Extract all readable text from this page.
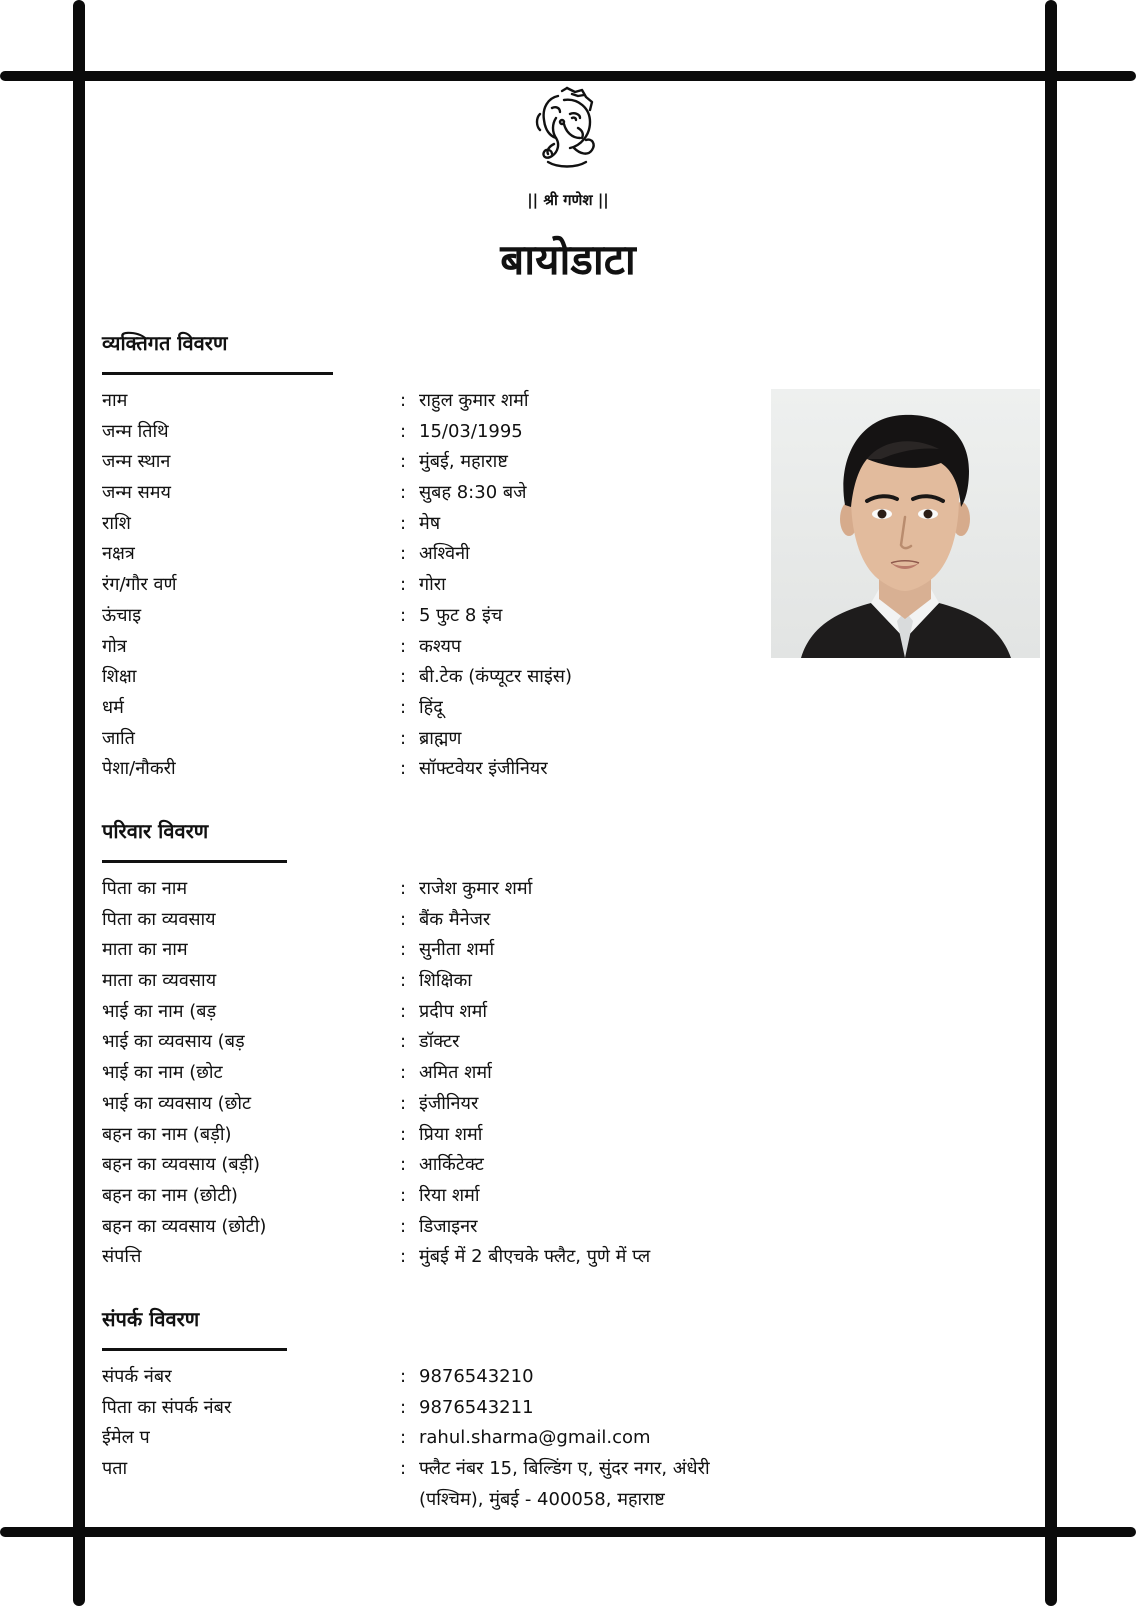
|| श्री गणेश ||
बायोडाटा
व्यक्तिगत विवरण
नाम	: राहुल कुमार शर्मा
जन्म तिथि	: 15/03/1995
जन्म स्थान	: मुंबई, महाराष्ट
जन्म समय	: सुबह 8:30 बजे
राशि	: मेष
नक्षत्र	: अश्विनी
रंग/गौर वर्ण	: गोरा
ऊंचाइ	: 5 फुट 8 इंच
गोत्र	: कश्यप
शिक्षा	: बी.टेक (कंप्यूटर साइंस)
धर्म	: हिंदू
जाति	: ब्राह्मण
पेशा/नौकरी	: सॉफ्टवेयर इंजीनियर
परिवार विवरण
पिता का नाम	: राजेश कुमार शर्मा
पिता का व्यवसाय	: बैंक मैनेजर
माता का नाम	: सुनीता शर्मा
माता का व्यवसाय	: शिक्षिका
भाई का नाम (बड़	: प्रदीप शर्मा
भाई का व्यवसाय (बड़	: डॉक्टर
भाई का नाम (छोट	: अमित शर्मा
भाई का व्यवसाय (छोट	: इंजीनियर
बहन का नाम (बड़ी)	: प्रिया शर्मा
बहन का व्यवसाय (बड़ी)	: आर्किटेक्ट
बहन का नाम (छोटी)	: रिया शर्मा
बहन का व्यवसाय (छोटी)	: डिजाइनर
संपत्ति	: मुंबई में 2 बीएचके फ्लैट, पुणे में प्ल
संपर्क विवरण
संपर्क नंबर	: 9876543210
पिता का संपर्क नंबर	: 9876543211
ईमेल प	: rahul.sharma@gmail.com
पता	: फ्लैट नंबर 15, बिल्डिंग ए, सुंदर नगर, अंधेरी (पश्चिम), मुंबई - 400058, महाराष्ट
